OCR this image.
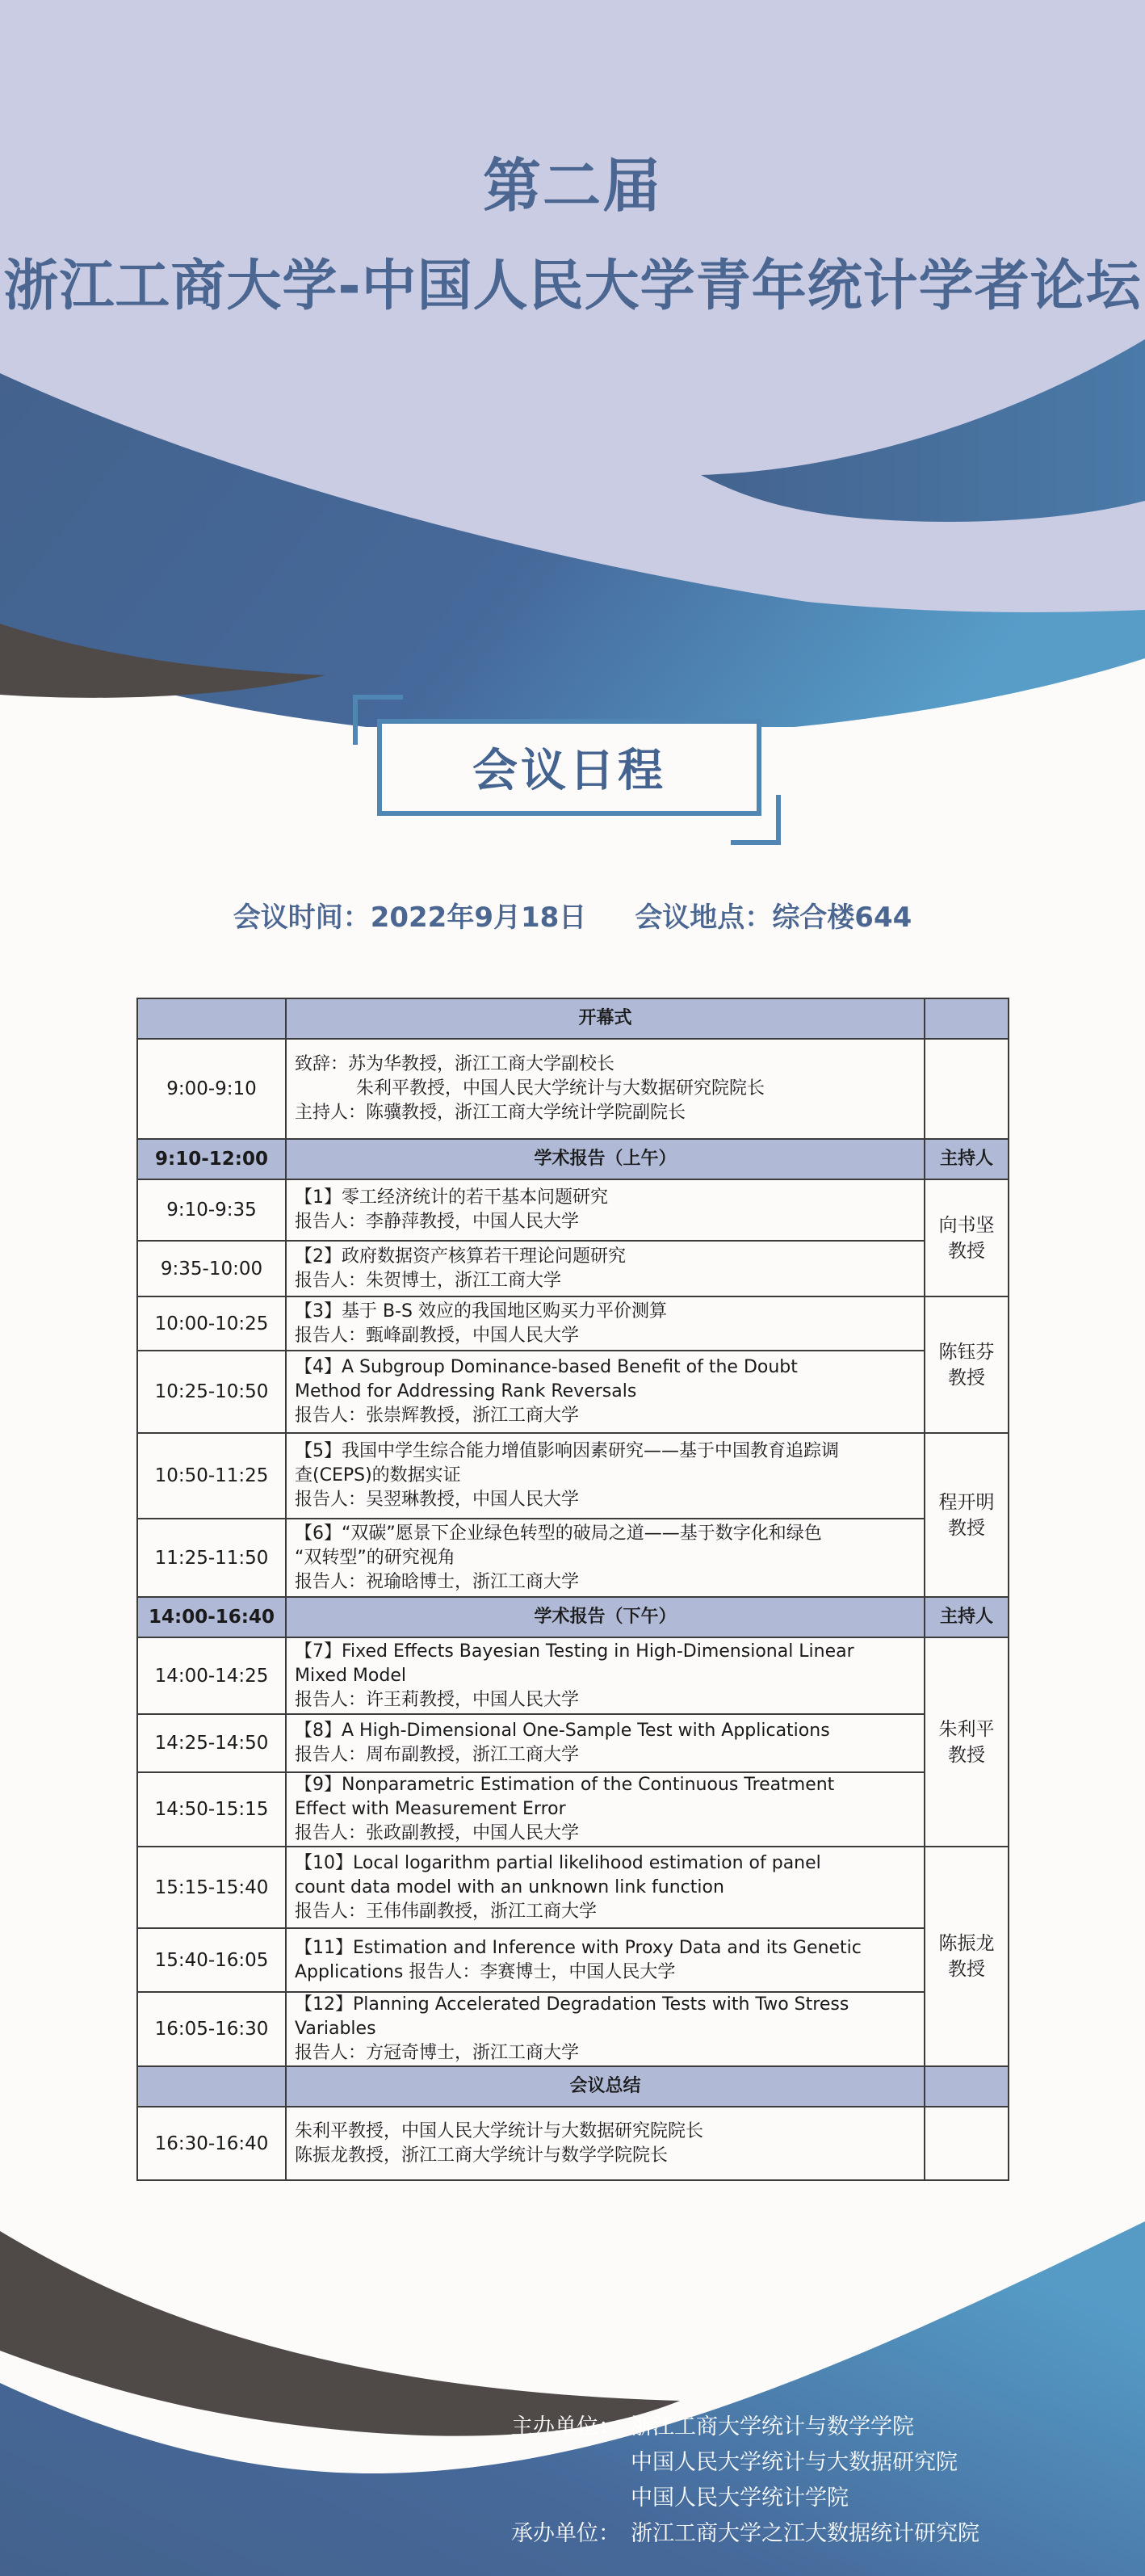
第二届
浙江工商大学-中国人民大学青年统计学者论坛
会议日程
会议时间：2022年9月18日 会议地点：综合楼644
	开幕式	
9:00-9:10	致辞：苏为华教授，浙江工商大学副校长
朱利平教授，中国人民大学统计与大数据研究院院长
主持人：陈骥教授，浙江工商大学统计学院副院长	

9:10-12:00	学术报告（上午）	主持人
9:10-9:35	【1】零工经济统计的若干基本问题研究
报告人：李静萍教授，中国人民大学	向书坚
教授
9:35-10:00	【2】政府数据资产核算若干理论问题研究
报告人：朱贺博士，浙江工商大学	

10:00-10:25	【3】基于 B-S 效应的我国地区购买力平价测算
报告人：甄峰副教授，中国人民大学	陈钰芬
教授
10:25-10:50	【4】A Subgroup Dominance-based Benefit of the Doubt
Method for Addressing Rank Reversals
报告人：张崇辉教授，浙江工商大学	

10:50-11:25	【5】我国中学生综合能力增值影响因素研究——基于中国教育追踪调
查(CEPS)的数据实证
报告人：吴翌琳教授，中国人民大学	程开明
教授
11:25-11:50	【6】“双碳”愿景下企业绿色转型的破局之道——基于数字化和绿色
“双转型”的研究视角
报告人：祝瑜晗博士，浙江工商大学	

14:00-16:40	学术报告（下午）	主持人
14:00-14:25	【7】Fixed Effects Bayesian Testing in High-Dimensional Linear
Mixed Model
报告人：许王莉教授，中国人民大学	朱利平
教授
14:25-14:50	【8】A High-Dimensional One-Sample Test with Applications
报告人：周布副教授，浙江工商大学	

14:50-15:15	【9】Nonparametric Estimation of the Continuous Treatment
Effect with Measurement Error
报告人：张政副教授，中国人民大学	

15:15-15:40	【10】Local logarithm partial likelihood estimation of panel
count data model with an unknown link function
报告人：王伟伟副教授，浙江工商大学	陈振龙
教授
15:40-16:05	【11】Estimation and Inference with Proxy Data and its Genetic
Applications 报告人：李赛博士，中国人民大学	

16:05-16:30	【12】Planning Accelerated Degradation Tests with Two Stress
Variables
报告人：方冠奇博士，浙江工商大学	

	会议总结	
16:30-16:40	朱利平教授，中国人民大学统计与大数据研究院院长
陈振龙教授，浙江工商大学统计与数学学院院长	

主办单位： 浙江工商大学统计与数学学院
中国人民大学统计与大数据研究院
中国人民大学统计学院
承办单位： 浙江工商大学之江大数据统计研究院
